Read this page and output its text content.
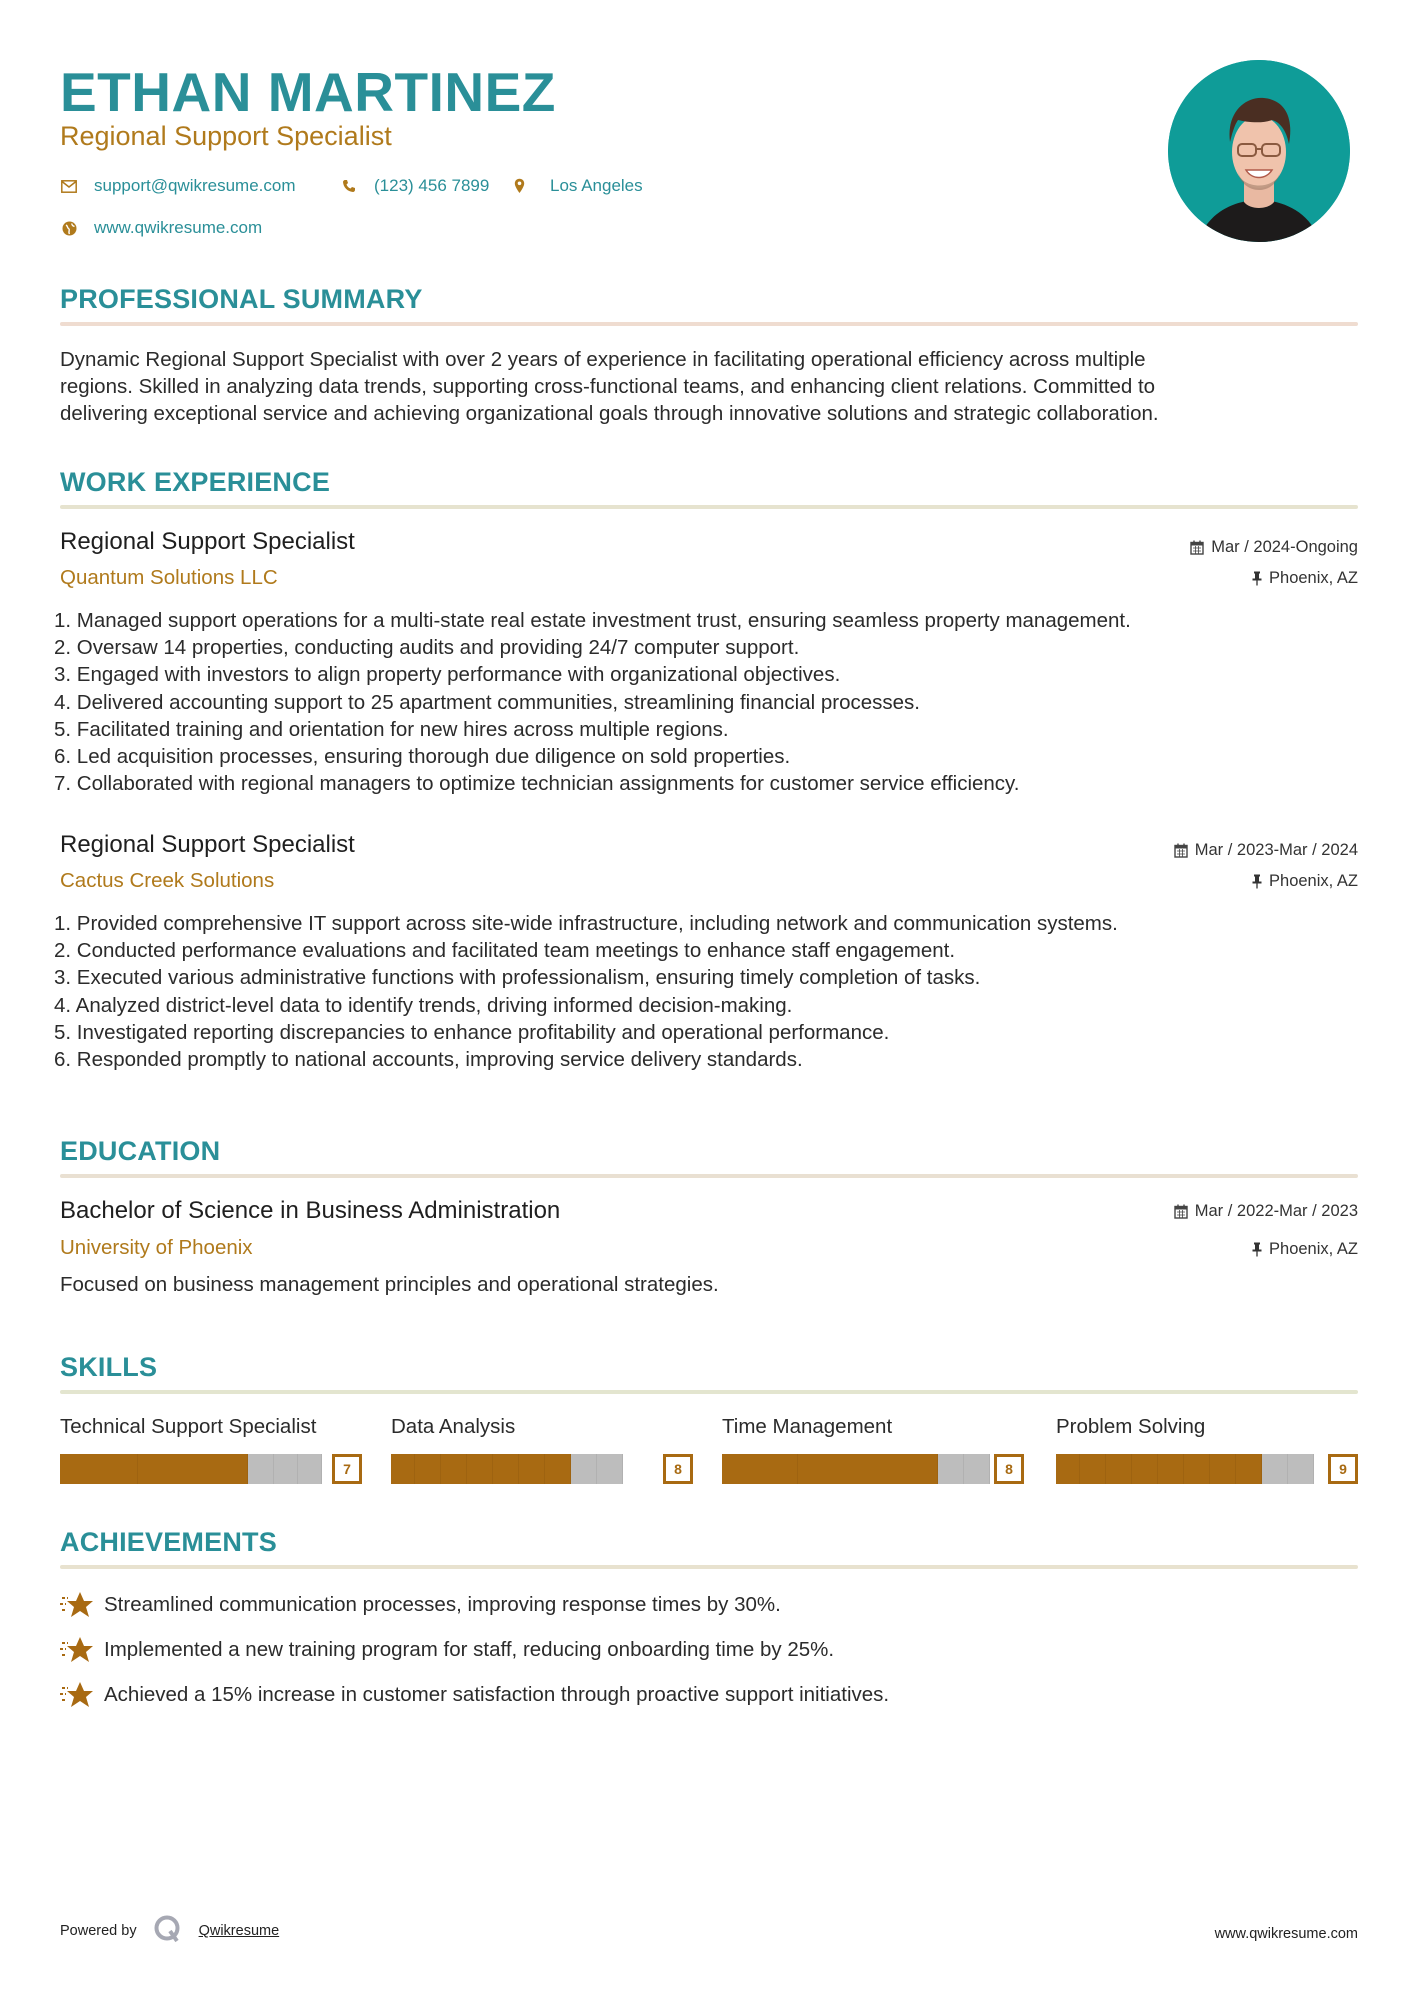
ETHAN MARTINEZ
Regional Support Specialist
support@qwikresume.com	(123) 456 7899	Los Angeles
www.qwikresume.com
PROFESSIONAL SUMMARY
Dynamic Regional Support Specialist with over 2 years of experience in facilitating operational efficiency across multiple
regions. Skilled in analyzing data trends, supporting cross-functional teams, and enhancing client relations. Committed to
delivering exceptional service and achieving organizational goals through innovative solutions and strategic collaboration.
WORK EXPERIENCE
Regional Support Specialist
Quantum Solutions LLC
Mar / 2024-Ongoing
Phoenix, AZ
1. Managed support operations for a multi-state real estate investment trust, ensuring seamless property management.
2. Oversaw 14 properties, conducting audits and providing 24/7 computer support.
3. Engaged with investors to align property performance with organizational objectives.
4. Delivered accounting support to 25 apartment communities, streamlining financial processes.
5. Facilitated training and orientation for new hires across multiple regions.
6. Led acquisition processes, ensuring thorough due diligence on sold properties.
7. Collaborated with regional managers to optimize technician assignments for customer service efficiency.
Regional Support Specialist
Cactus Creek Solutions
Mar / 2023-Mar / 2024
Phoenix, AZ
1. Provided comprehensive IT support across site-wide infrastructure, including network and communication systems.
2. Conducted performance evaluations and facilitated team meetings to enhance staff engagement.
3. Executed various administrative functions with professionalism, ensuring timely completion of tasks.
4. Analyzed district-level data to identify trends, driving informed decision-making.
5. Investigated reporting discrepancies to enhance profitability and operational performance.
6. Responded promptly to national accounts, improving service delivery standards.
EDUCATION
Bachelor of Science in Business Administration
University of Phoenix
Mar / 2022-Mar / 2023
Phoenix, AZ
Focused on business management principles and operational strategies.
SKILLS
Technical Support Specialist
7
Data Analysis
8
Time Management
8
Problem Solving
9
ACHIEVEMENTS
Streamlined communication processes, improving response times by 30%.
Implemented a new training program for staff, reducing onboarding time by 25%.
Achieved a 15% increase in customer satisfaction through proactive support initiatives.
Powered by	Qwikresume	www.qwikresume.com
